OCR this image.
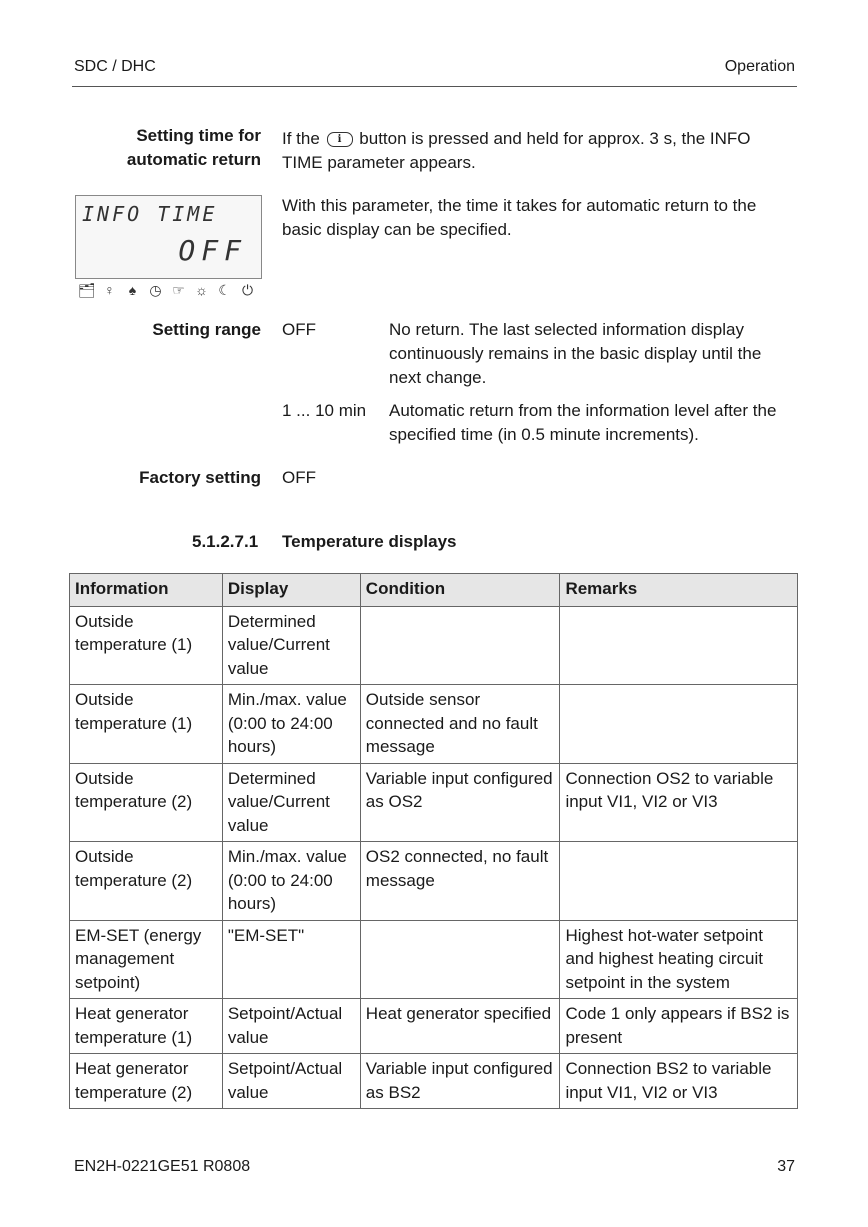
SDC / DHC	Operation
Setting time for
automatic return
If the i button is pressed and held for approx. 3 s, the INFO TIME parameter appears.
With this parameter, the time it takes for automatic return to the basic display can be specified.
INFO TIME
OFF
🗂︎ ♀	♠ ◷ ☞ ☼ ☾ ⏻
Setting range OFF	No return. The last selected information display continuously remains in the basic display until the next change.
1 ... 10 min Automatic return from the information level after the specified time (in 0.5 minute increments).
Factory setting OFF
5.1.2.7.1 Temperature displays
Information	Display	Condition	Remarks
Outside temperature (1)	Determined value/Current value		
Outside temperature (1)	Min./max. value (0:00 to 24:00 hours)	Outside sensor connected and no fault message	
Outside temperature (2)	Determined value/Current value	Variable input configured as OS2	Connection OS2 to variable input VI1, VI2 or VI3
Outside temperature (2)	Min./max. value (0:00 to 24:00 hours)	OS2 connected, no fault message	
EM-SET (energy management setpoint)	"EM-SET"		Highest hot-water setpoint and highest heating circuit setpoint in the system
Heat generator temperature (1)	Setpoint/Actual value	Heat generator specified	Code 1 only appears if BS2 is present
Heat generator temperature (2)	Setpoint/Actual value	Variable input configured as BS2	Connection BS2 to variable input VI1, VI2 or VI3
EN2H-0221GE51 R0808	37
